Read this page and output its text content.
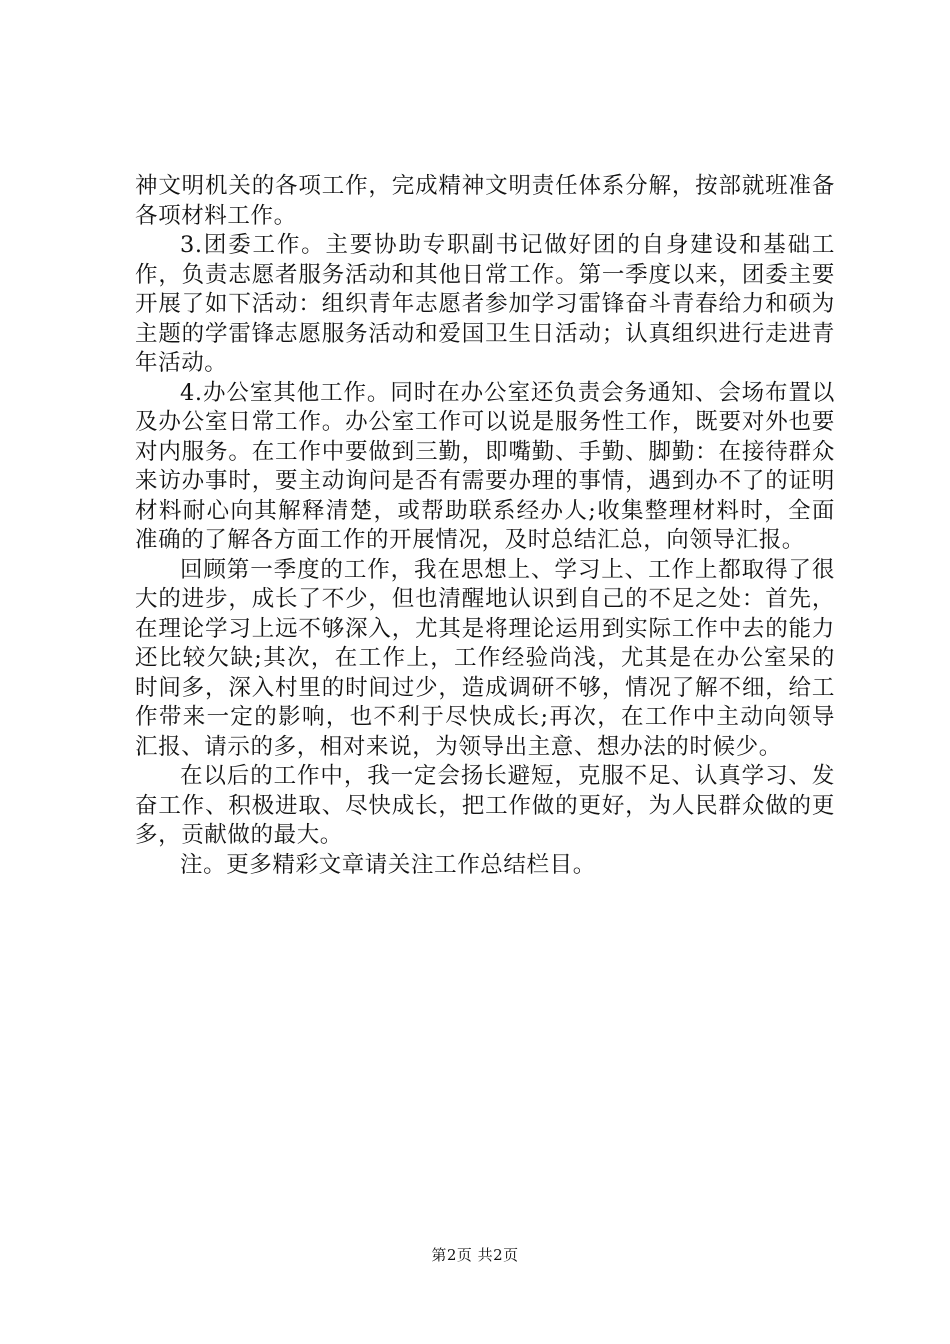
神文明机关的各项工作，完成精神文明责任体系分解，按部就班准备各项材料工作。

3.团委工作。主要协助专职副书记做好团的自身建设和基础工作，负责志愿者服务活动和其他日常工作。第一季度以来，团委主要开展了如下活动：组织青年志愿者参加学习雷锋奋斗青春给力和硕为主题的学雷锋志愿服务活动和爱国卫生日活动；认真组织进行走进青年活动。

4.办公室其他工作。同时在办公室还负责会务通知、会场布置以及办公室日常工作。办公室工作可以说是服务性工作，既要对外也要对内服务。在工作中要做到三勤，即嘴勤、手勤、脚勤：在接待群众来访办事时，要主动询问是否有需要办理的事情，遇到办不了的证明材料耐心向其解释清楚，或帮助联系经办人;收集整理材料时，全面准确的了解各方面工作的开展情况，及时总结汇总，向领导汇报。

回顾第一季度的工作，我在思想上、学习上、工作上都取得了很大的进步，成长了不少，但也清醒地认识到自己的不足之处：首先，在理论学习上远不够深入，尤其是将理论运用到实际工作中去的能力还比较欠缺;其次，在工作上，工作经验尚浅，尤其是在办公室呆的时间多，深入村里的时间过少，造成调研不够，情况了解不细，给工作带来一定的影响，也不利于尽快成长;再次，在工作中主动向领导汇报、请示的多，相对来说，为领导出主意、想办法的时候少。

在以后的工作中，我一定会扬长避短，克服不足、认真学习、发奋工作、积极进取、尽快成长，把工作做的更好，为人民群众做的更多，贡献做的最大。

注。更多精彩文章请关注工作总结栏目。

第2页 共2页
